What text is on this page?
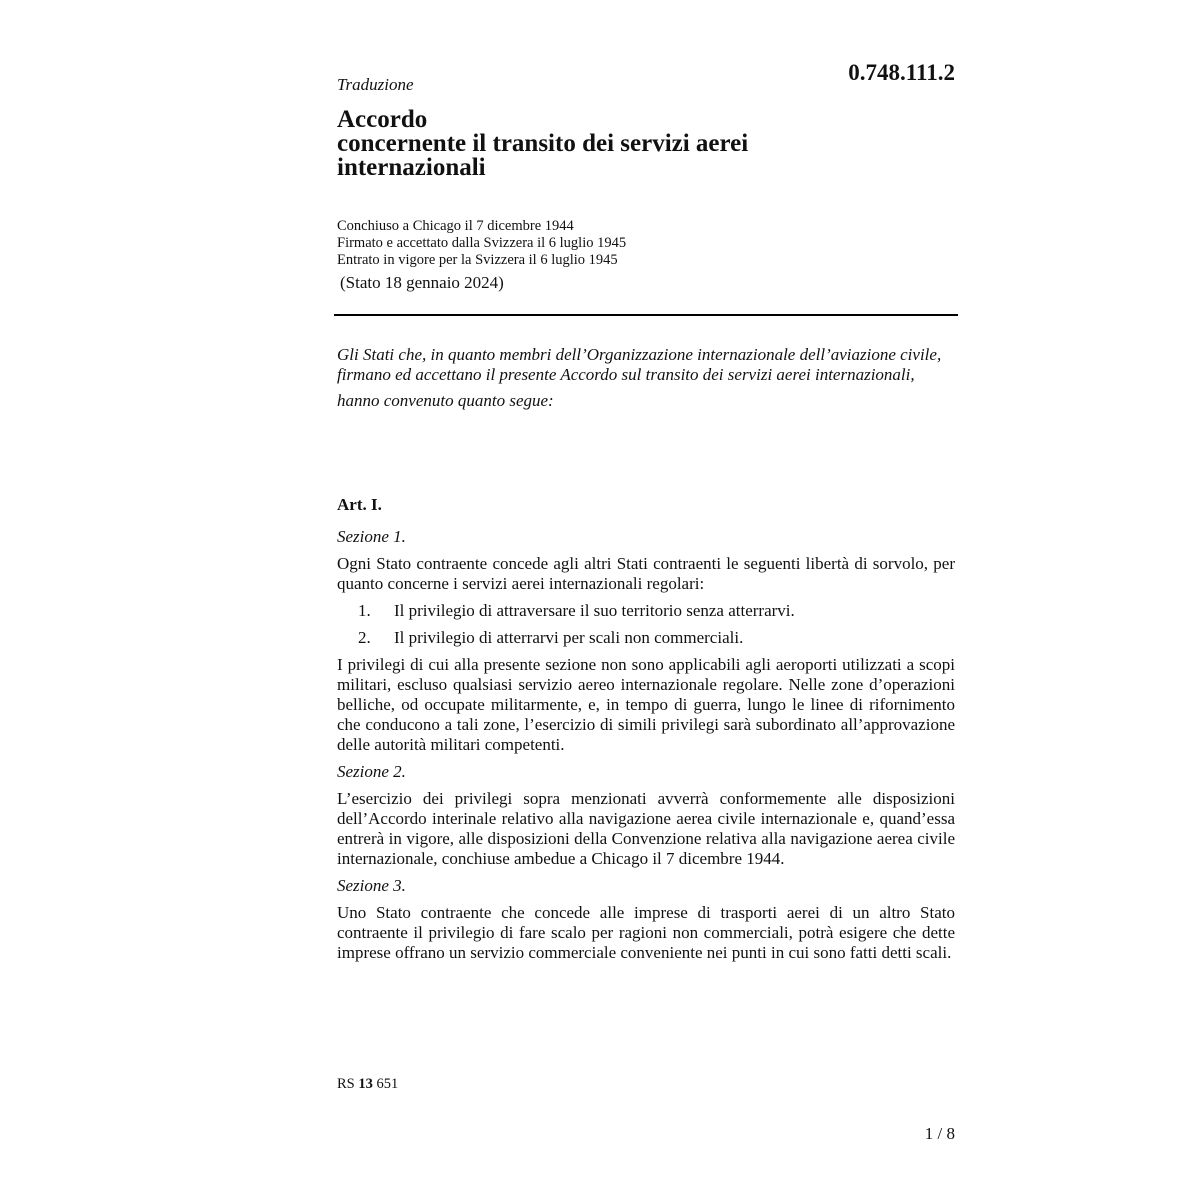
0.748.111.2
Traduzione
Accordo
concernente il transito dei servizi aerei
internazionali
Conchiuso a Chicago il 7 dicembre 1944
Firmato e accettato dalla Svizzera il 6 luglio 1945
Entrato in vigore per la Svizzera il 6 luglio 1945
(Stato 18 gennaio 2024)

Gli Stati che, in quanto membri dell’Organizzazione internazionale dell’aviazione civile, firmano ed accettano il presente Accordo sul transito dei servizi aerei internazionali,

hanno convenuto quanto segue:

Art. I.

Sezione 1.

Ogni Stato contraente concede agli altri Stati contraenti le seguenti libertà di sorvolo, per quanto concerne i servizi aerei internazionali regolari:

1.	Il privilegio di attraversare il suo territorio senza atterrarvi.
2.	Il privilegio di atterrarvi per scali non commerciali.

I privilegi di cui alla presente sezione non sono applicabili agli aeroporti utilizzati a scopi militari, escluso qualsiasi servizio aereo internazionale regolare. Nelle zone d’operazioni belliche, od occupate militarmente, e, in tempo di guerra, lungo le linee di rifornimento che conducono a tali zone, l’esercizio di simili privilegi sarà subordinato all’approvazione delle autorità militari competenti.

Sezione 2.

L’esercizio dei privilegi sopra menzionati avverrà conformemente alle disposizioni dell’Accordo interinale relativo alla navigazione aerea civile internazionale e, quand’essa entrerà in vigore, alle disposizioni della Convenzione relativa alla navigazione aerea civile internazionale, conchiuse ambedue a Chicago il 7 dicembre 1944.

Sezione 3.

Uno Stato contraente che concede alle imprese di trasporti aerei di un altro Stato contraente il privilegio di fare scalo per ragioni non commerciali, potrà esigere che dette imprese offrano un servizio commerciale conveniente nei punti in cui sono fatti detti scali.

RS 13 651
1 / 8
